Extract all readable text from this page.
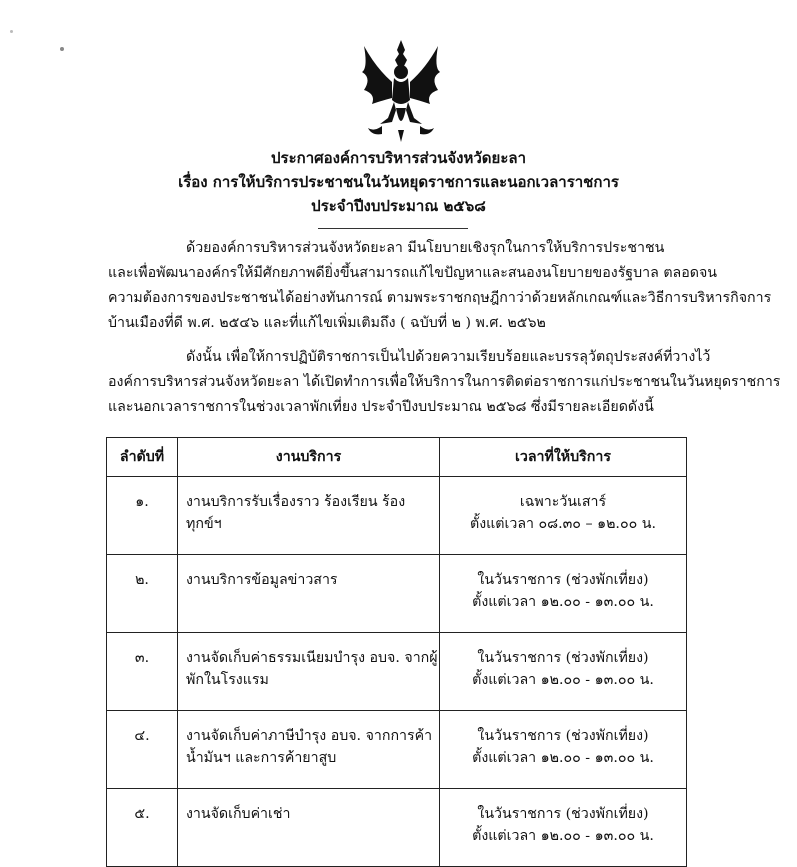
ประกาศองค์การบริหารส่วนจังหวัดยะลา
เรื่อง การให้บริการประชาชนในวันหยุดราชการและนอกเวลาราชการ
ประจำปีงบประมาณ ๒๕๖๘
ด้วยองค์การบริหารส่วนจังหวัดยะลา มีนโยบายเชิงรุกในการให้บริการประชาชน
และเพื่อพัฒนาองค์กรให้มีศักยภาพดียิ่งขึ้นสามารถแก้ไขปัญหาและสนองนโยบายของรัฐบาล ตลอดจน
ความต้องการของประชาชนได้อย่างทันการณ์ ตามพระราชกฤษฎีกาว่าด้วยหลักเกณฑ์และวิธีการบริหารกิจการ
บ้านเมืองที่ดี พ.ศ. ๒๕๔๖ และที่แก้ไขเพิ่มเติมถึง ( ฉบับที่ ๒ ) พ.ศ. ๒๕๖๒
ดังนั้น เพื่อให้การปฏิบัติราชการเป็นไปด้วยความเรียบร้อยและบรรลุวัตถุประสงค์ที่วางไว้
องค์การบริหารส่วนจังหวัดยะลา ได้เปิดทำการเพื่อให้บริการในการติดต่อราชการแก่ประชาชนในวันหยุดราชการ
และนอกเวลาราชการในช่วงเวลาพักเที่ยง ประจำปีงบประมาณ ๒๕๖๘ ซึ่งมีรายละเอียดดังนี้
ลำดับที่	งานบริการ	เวลาที่ให้บริการ
๑.	งานบริการรับเรื่องราว ร้องเรียน ร้องทุกข์ฯ	เฉพาะวันเสาร์
ตั้งแต่เวลา ๐๘.๓๐ – ๑๒.๐๐ น.

๒.	งานบริการข้อมูลข่าวสาร	ในวันราชการ (ช่วงพักเที่ยง)
ตั้งแต่เวลา ๑๒.๐๐ - ๑๓.๐๐ น.

๓.	งานจัดเก็บค่าธรรมเนียมบำรุง อบจ. จากผู้พักในโรงแรม	ในวันราชการ (ช่วงพักเที่ยง)
ตั้งแต่เวลา ๑๒.๐๐ - ๑๓.๐๐ น.

๔.	งานจัดเก็บค่าภาษีบำรุง อบจ. จากการค้าน้ำมันฯ และการค้ายาสูบ	ในวันราชการ (ช่วงพักเที่ยง)
ตั้งแต่เวลา ๑๒.๐๐ - ๑๓.๐๐ น.

๕.	งานจัดเก็บค่าเช่า	ในวันราชการ (ช่วงพักเที่ยง)
ตั้งแต่เวลา ๑๒.๐๐ - ๑๓.๐๐ น.
